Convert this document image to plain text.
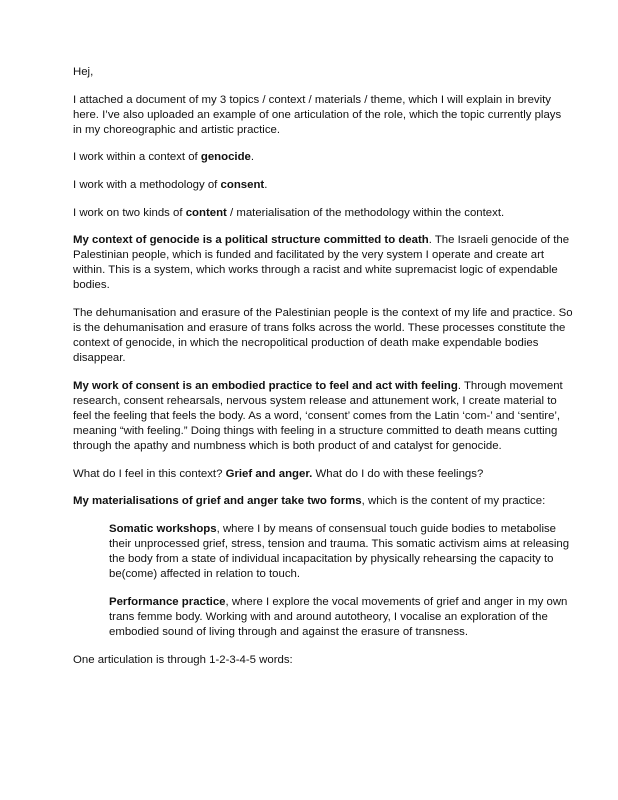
Hej,

I attached a document of my 3 topics / context / materials / theme, which I will explain in brevity here. I’ve also uploaded an example of one articulation of the role, which the topic currently plays in my choreographic and artistic practice.

I work within a context of genocide.

I work with a methodology of consent.

I work on two kinds of content / materialisation of the methodology within the context.

My context of genocide is a political structure committed to death. The Israeli genocide of the Palestinian people, which is funded and facilitated by the very system I operate and create art within. This is a system, which works through a racist and white supremacist logic of expendable bodies.

The dehumanisation and erasure of the Palestinian people is the context of my life and practice. So is the dehumanisation and erasure of trans folks across the world. These processes constitute the context of genocide, in which the necropolitical production of death make expendable bodies disappear.

My work of consent is an embodied practice to feel and act with feeling. Through movement research, consent rehearsals, nervous system release and attunement work, I create material to feel the feeling that feels the body. As a word, ‘consent’ comes from the Latin ‘com-’ and ‘sentire’, meaning “with feeling.” Doing things with feeling in a structure committed to death means cutting through the apathy and numbness which is both product of and catalyst for genocide.

What do I feel in this context? Grief and anger. What do I do with these feelings?

My materialisations of grief and anger take two forms, which is the content of my practice:

Somatic workshops, where I by means of consensual touch guide bodies to metabolise their unprocessed grief, stress, tension and trauma. This somatic activism aims at releasing the body from a state of individual incapacitation by physically rehearsing the capacity to be(come) affected in relation to touch.

Performance practice, where I explore the vocal movements of grief and anger in my own trans femme body. Working with and around autotheory, I vocalise an exploration of the embodied sound of living through and against the erasure of transness.

One articulation is through 1-2-3-4-5 words:
